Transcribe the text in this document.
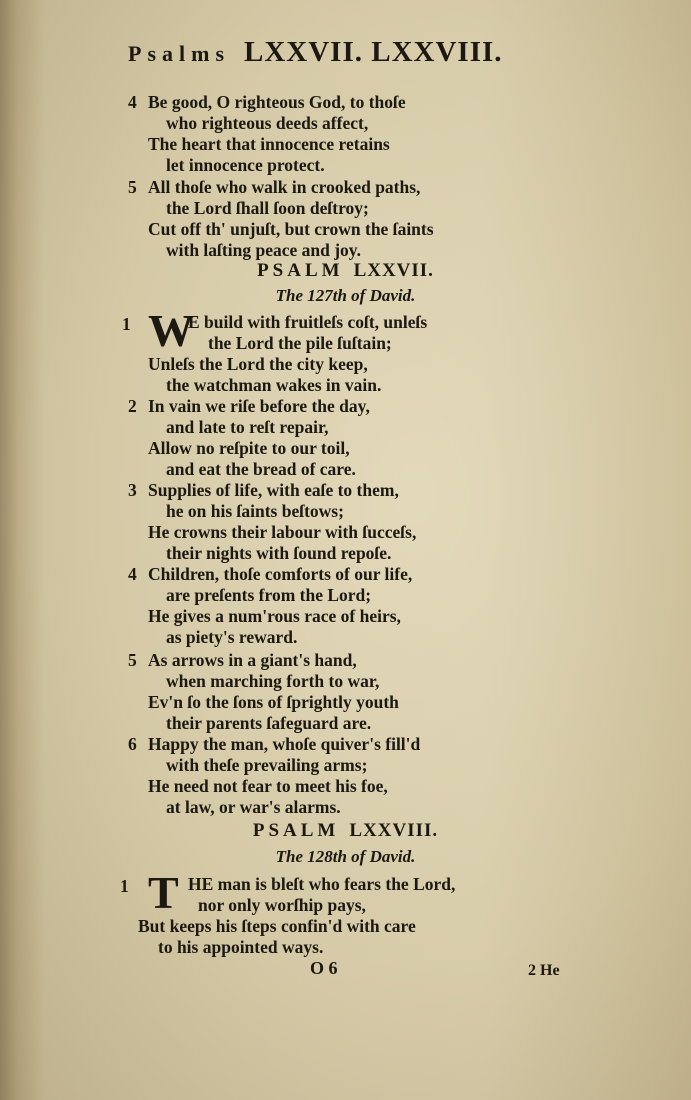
Psalms LXXVII. LXXVIII.
4 Be good, O righteous God, to thoſe
who righteous deeds affect,
The heart that innocence retains
let innocence protect.
5 All thoſe who walk in crooked paths,
the Lord ſhall ſoon deſtroy;
Cut off th' unjuſt, but crown the ſaints
with laſting peace and joy.
PSALM LXXVII.
The 127th of David.
1 W
E build with fruitleſs coſt, unleſs
the Lord the pile ſuſtain;
Unleſs the Lord the city keep,
the watchman wakes in vain.
2 In vain we riſe before the day,
and late to reſt repair,
Allow no reſpite to our toil,
and eat the bread of care.
3 Supplies of life, with eaſe to them,
he on his ſaints beſtows;
He crowns their labour with ſucceſs,
their nights with ſound repoſe.
4 Children, thoſe comforts of our life,
are preſents from the Lord;
He gives a num'rous race of heirs,
as piety's reward.
5 As arrows in a giant's hand,
when marching forth to war,
Ev'n ſo the ſons of ſprightly youth
their parents ſafeguard are.
6 Happy the man, whoſe quiver's fill'd
with theſe prevailing arms;
He need not fear to meet his foe,
at law, or war's alarms.
PSALM LXXVIII.
The 128th of David.
1 T HE man is bleſt who fears the Lord,
nor only worſhip pays,
But keeps his ſteps confin'd with care
to his appointed ways.
O 6	2 He
